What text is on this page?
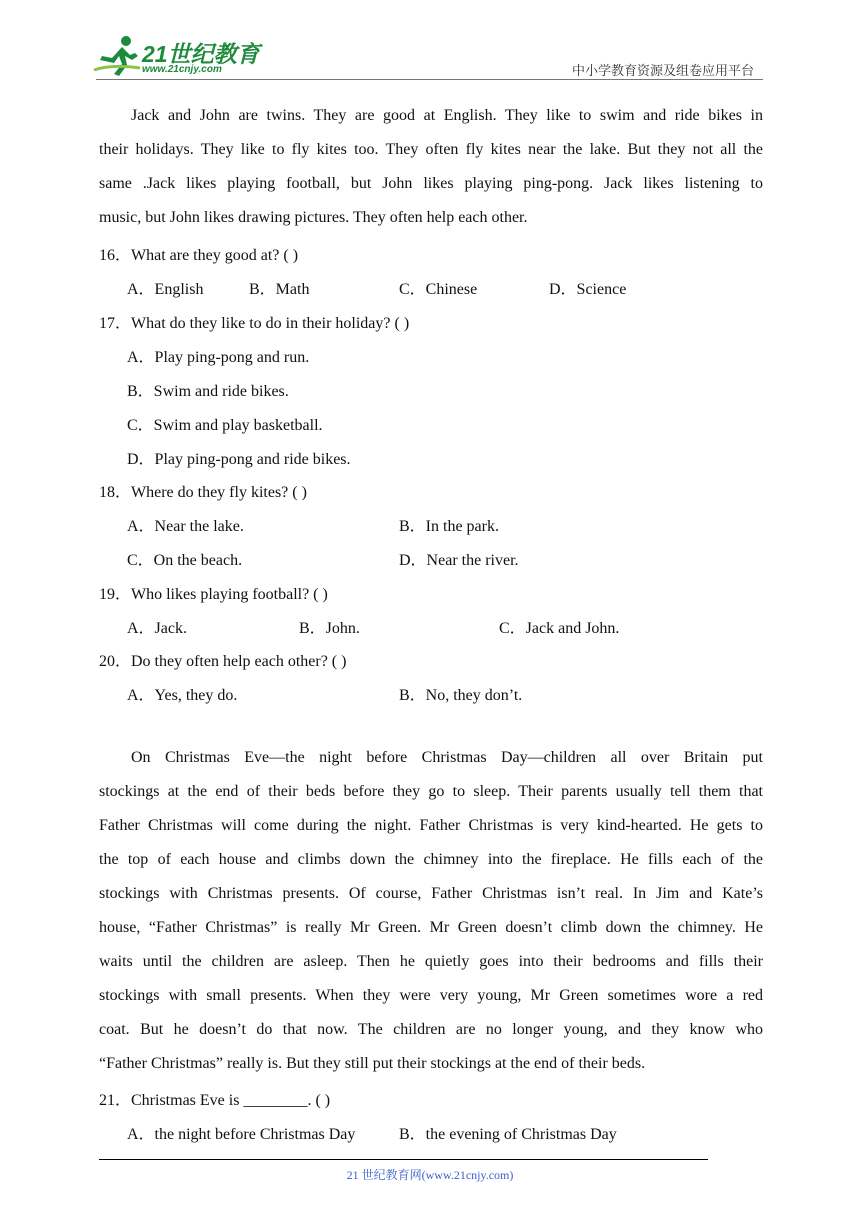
21世纪教育
www.21cnjy.com	中小学教育资源及组卷应用平台
Jack and John are twins. They are good at English. They like to swim and ride bikes in
their holidays. They like to fly kites too. They often fly kites near the lake. But they not all the
same .Jack likes playing football, but John likes playing ping-pong. Jack likes listening to
music, but John likes drawing pictures. They often help each other.
16．What are they good at? ( )
A．English	B．Math	C．Chinese	D．Science
17．What do they like to do in their holiday? ( )
A．Play ping-pong and run.
B．Swim and ride bikes.
C．Swim and play basketball.
D．Play ping-pong and ride bikes.
18．Where do they fly kites? ( )
A．Near the lake.	B．In the park.
C．On the beach.	D．Near the river.
19．Who likes playing football? ( )
A．Jack.	B．John.	C．Jack and John.
20．Do they often help each other? ( )
A．Yes, they do.	B．No, they don’t.
On Christmas Eve—the night before Christmas Day—children all over Britain put
stockings at the end of their beds before they go to sleep. Their parents usually tell them that
Father Christmas will come during the night. Father Christmas is very kind-hearted. He gets to
the top of each house and climbs down the chimney into the fireplace. He fills each of the
stockings with Christmas presents. Of course, Father Christmas isn’t real. In Jim and Kate’s
house, “Father Christmas” is really Mr Green. Mr Green doesn’t climb down the chimney. He
waits until the children are asleep. Then he quietly goes into their bedrooms and fills their
stockings with small presents. When they were very young, Mr Green sometimes wore a red
coat. But he doesn’t do that now. The children are no longer young, and they know who
“Father Christmas” really is. But they still put their stockings at the end of their beds.
21．Christmas Eve is ________. ( )
A．the night before Christmas Day	B．the evening of Christmas Day
21 世纪教育网(www.21cnjy.com)
